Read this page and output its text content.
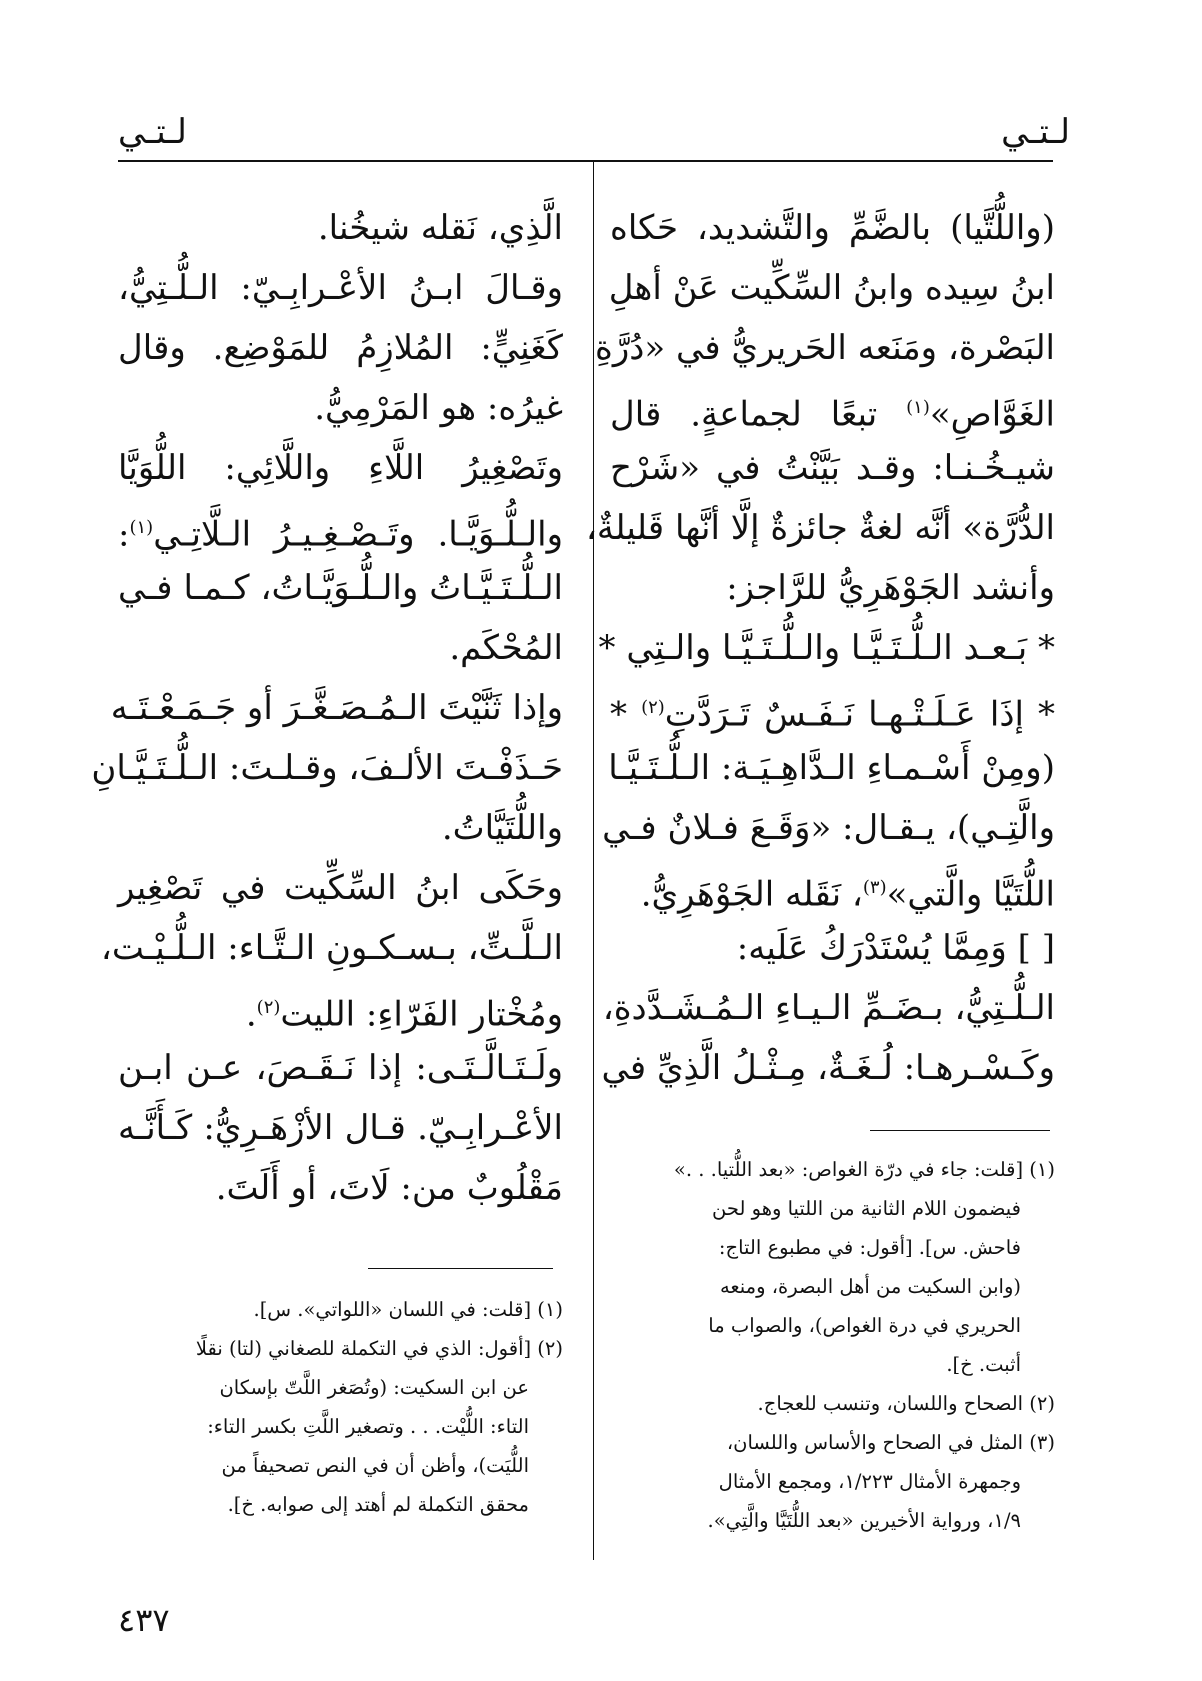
لـتـي
لـتـي
(واللُّتَّيا) بالضَّمِّ والتَّشديد، حَكاه
ابنُ سِيده وابنُ السِّكِّيت عَنْ أهلِ
البَصْرة، ومَنَعه الحَريريُّ في «دُرَّةِ
الغَوَّاصِ»$^{(١)}$ تبعًا لجماعةٍ. قال
شيـخُـنـا: وقـد بَيَّنْتُ في «شَرْح
الدُّرَّة» أنَّه لغةٌ جائزةٌ إلَّا أنَّها قَليلةٌ،
وأنشد الجَوْهَرِيُّ للرَّاجز:
* بَـعـد الـلُّـتَـيَّـا والـلُّـتَـيَّـا والـتِي *
* إذَا عَـلَـتْـهـا نَـفَـسٌ تَـرَدَّتِ$^{(٢)}$ *
(ومِنْ أَسْـمـاءِ الـدَّاهِـيَـة: الـلُّـتَـيَّـا
والَّتِـي)، يـقـال: «وَقَـعَ فـلانٌ فـي
اللُّتَيَّا والَّتي»$^{(٣)}$، نَقَله الجَوْهَرِيُّ.
[ ] وَمِمَّا يُسْتَدْرَكُ عَلَيه:
الـلُّـتِيُّ، بـضَـمِّ الـيـاءِ الـمُـشَـدَّدةِ،
وكَـسْـرهـا: لُـغَـةٌ، مِـثْـلُ الَّذِيِّ في
الَّذِي، نَقله شيخُنا.
وقـالَ ابـنُ الأعْـرابِـيّ: الـلُّـتِيُّ،
كَغَنِيٍّ: المُلازِمُ للمَوْضِع. وقال
غيرُه: هو المَرْمِيُّ.
وتَصْغِيرُ اللَّاءِ واللَّائِي: اللُّوَيَّا
والـلُّـوَيَّـا. وتَـصْـغِـيـرُ الـلَّاتِـي$^{(١)}$:
الـلُّـتَـيَّـاتُ والـلُّـوَيَّـاتُ، كـمـا فـي
المُحْكَم.
وإذا ثَنَّيْتَ الـمُـصَـغَّـرَ أو جَـمَـعْـتَـه
حَـذَفْـتَ الألـفَ، وقـلـتَ: الـلُّـتَـيَّـانِ
واللُّتَيَّاتُ.
وحَكَى ابنُ السِّكِّيت في تَصْغِير
الـلَّـتِّ، بـسـكـونِ الـتَّـاء: الـلُّـيْـت،
ومُخْتار الفَرّاءِ: الليت$^{(٢)}$.
ولَـتَـالَّـتَـى: إذا نَـقَـصَ، عـن ابـن
الأعْـرابِـيّ. قـال الأزْهَـرِيُّ: كَـأَنَّـه
مَقْلُوبٌ من: لَاتَ، أو أَلَتَ.	(١) [قلت: جاء في درّة الغواص: «بعد اللُّتيا. . .»
فيضمون اللام الثانية من اللتيا وهو لحن
فاحش. س]. [أقول: في مطبوع التاج:
(وابن السكيت من أهل البصرة، ومنعه
الحريري في درة الغواص)، والصواب ما
أثبت. خ].
(٢) الصحاح واللسان، وتنسب للعجاج.
(٣) المثل في الصحاح والأساس واللسان،
وجمهرة الأمثال ١/٢٢٣، ومجمع الأمثال
١/٩، ورواية الأخيرين «بعد اللُّتَيَّا والَّتِي».
(١) [قلت: في اللسان «اللواتي». س].
(٢) [أقول: الذي في التكملة للصغاني (لتا) نقلًا
عن ابن السكيت: (وتُصَغر اللَّتّ بإسكان
التاء: اللُّيْت. . . وتصغير اللَّتِ بكسر التاء:
اللُّيَت)، وأظن أن في النص تصحيفاً من
محقق التكملة لم أهتد إلى صوابه. خ].
٤٣٧
